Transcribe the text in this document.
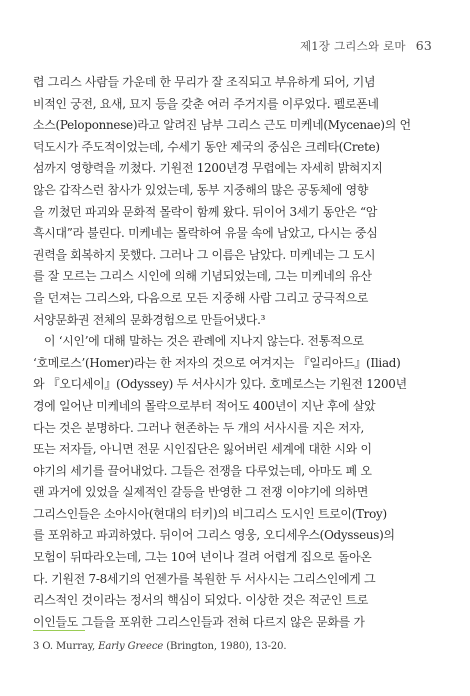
제1장 그리스와 로마 63

렵 그리스 사람들 가운데 한 무리가 잘 조직되고 부유하게 되어, 기념
비적인 궁전, 요새, 묘지 등을 갖춘 여러 주거지를 이루었다. 펠로폰네
소스(Peloponnese)라고 알려진 남부 그리스 근도 미케네(Mycenae)의 언
덕도시가 주도적이었는데, 수세기 동안 제국의 중심은 크레타(Crete)
섬까지 영향력을 끼쳤다. 기원전 1200년경 무렵에는 자세히 밝혀지지
않은 갑작스런 참사가 있었는데, 동부 지중해의 많은 공동체에 영향
을 끼쳤던 파괴와 문화적 몰락이 함께 왔다. 뒤이어 3세기 동안은 “암
흑시대”라 불린다. 미케네는 몰락하여 유물 속에 남았고, 다시는 중심
권력을 회복하지 못했다. 그러나 그 이름은 남았다. 미케네는 그 도시
를 잘 모르는 그리스 시인에 의해 기념되었는데, 그는 미케네의 유산
을 던져는 그리스와, 다음으로 모든 지중해 사람 그리고 궁극적으로
서양문화권 전체의 문화경험으로 만들어냈다.³

이 ‘시인’에 대해 말하는 것은 관례에 지나지 않는다. 전통적으로
‘호메로스’(Homer)라는 한 저자의 것으로 여겨지는 『일리아드』(Iliad)
와 『오디세이』(Odyssey) 두 서사시가 있다. 호메로스는 기원전 1200년
경에 일어난 미케네의 몰락으로부터 적어도 400년이 지난 후에 살았
다는 것은 분명하다. 그러나 현존하는 두 개의 서사시를 지은 저자,
또는 저자들, 아니면 전문 시인집단은 잃어버린 세계에 대한 시와 이
야기의 세기를 끌어내었다. 그들은 전쟁을 다루었는데, 아마도 폐 오
랜 과거에 있었을 실제적인 갈등을 반영한 그 전쟁 이야기에 의하면
그리스인들은 소아시아(현대의 터키)의 비그리스 도시인 트로이(Troy)
를 포위하고 파괴하였다. 뒤이어 그리스 영웅, 오디세우스(Odysseus)의
모험이 뒤따라오는데, 그는 10여 년이나 걸려 어렵게 집으로 돌아온
다. 기원전 7-8세기의 언젠가를 복원한 두 서사시는 그리스인에게 그
리스적인 것이라는 정서의 핵심이 되었다. 이상한 것은 적군인 트로
이인들도 그들을 포위한 그리스인들과 전혀 다르지 않은 문화를 가

3 O. Murray, Early Greece (Brington, 1980), 13-20.
